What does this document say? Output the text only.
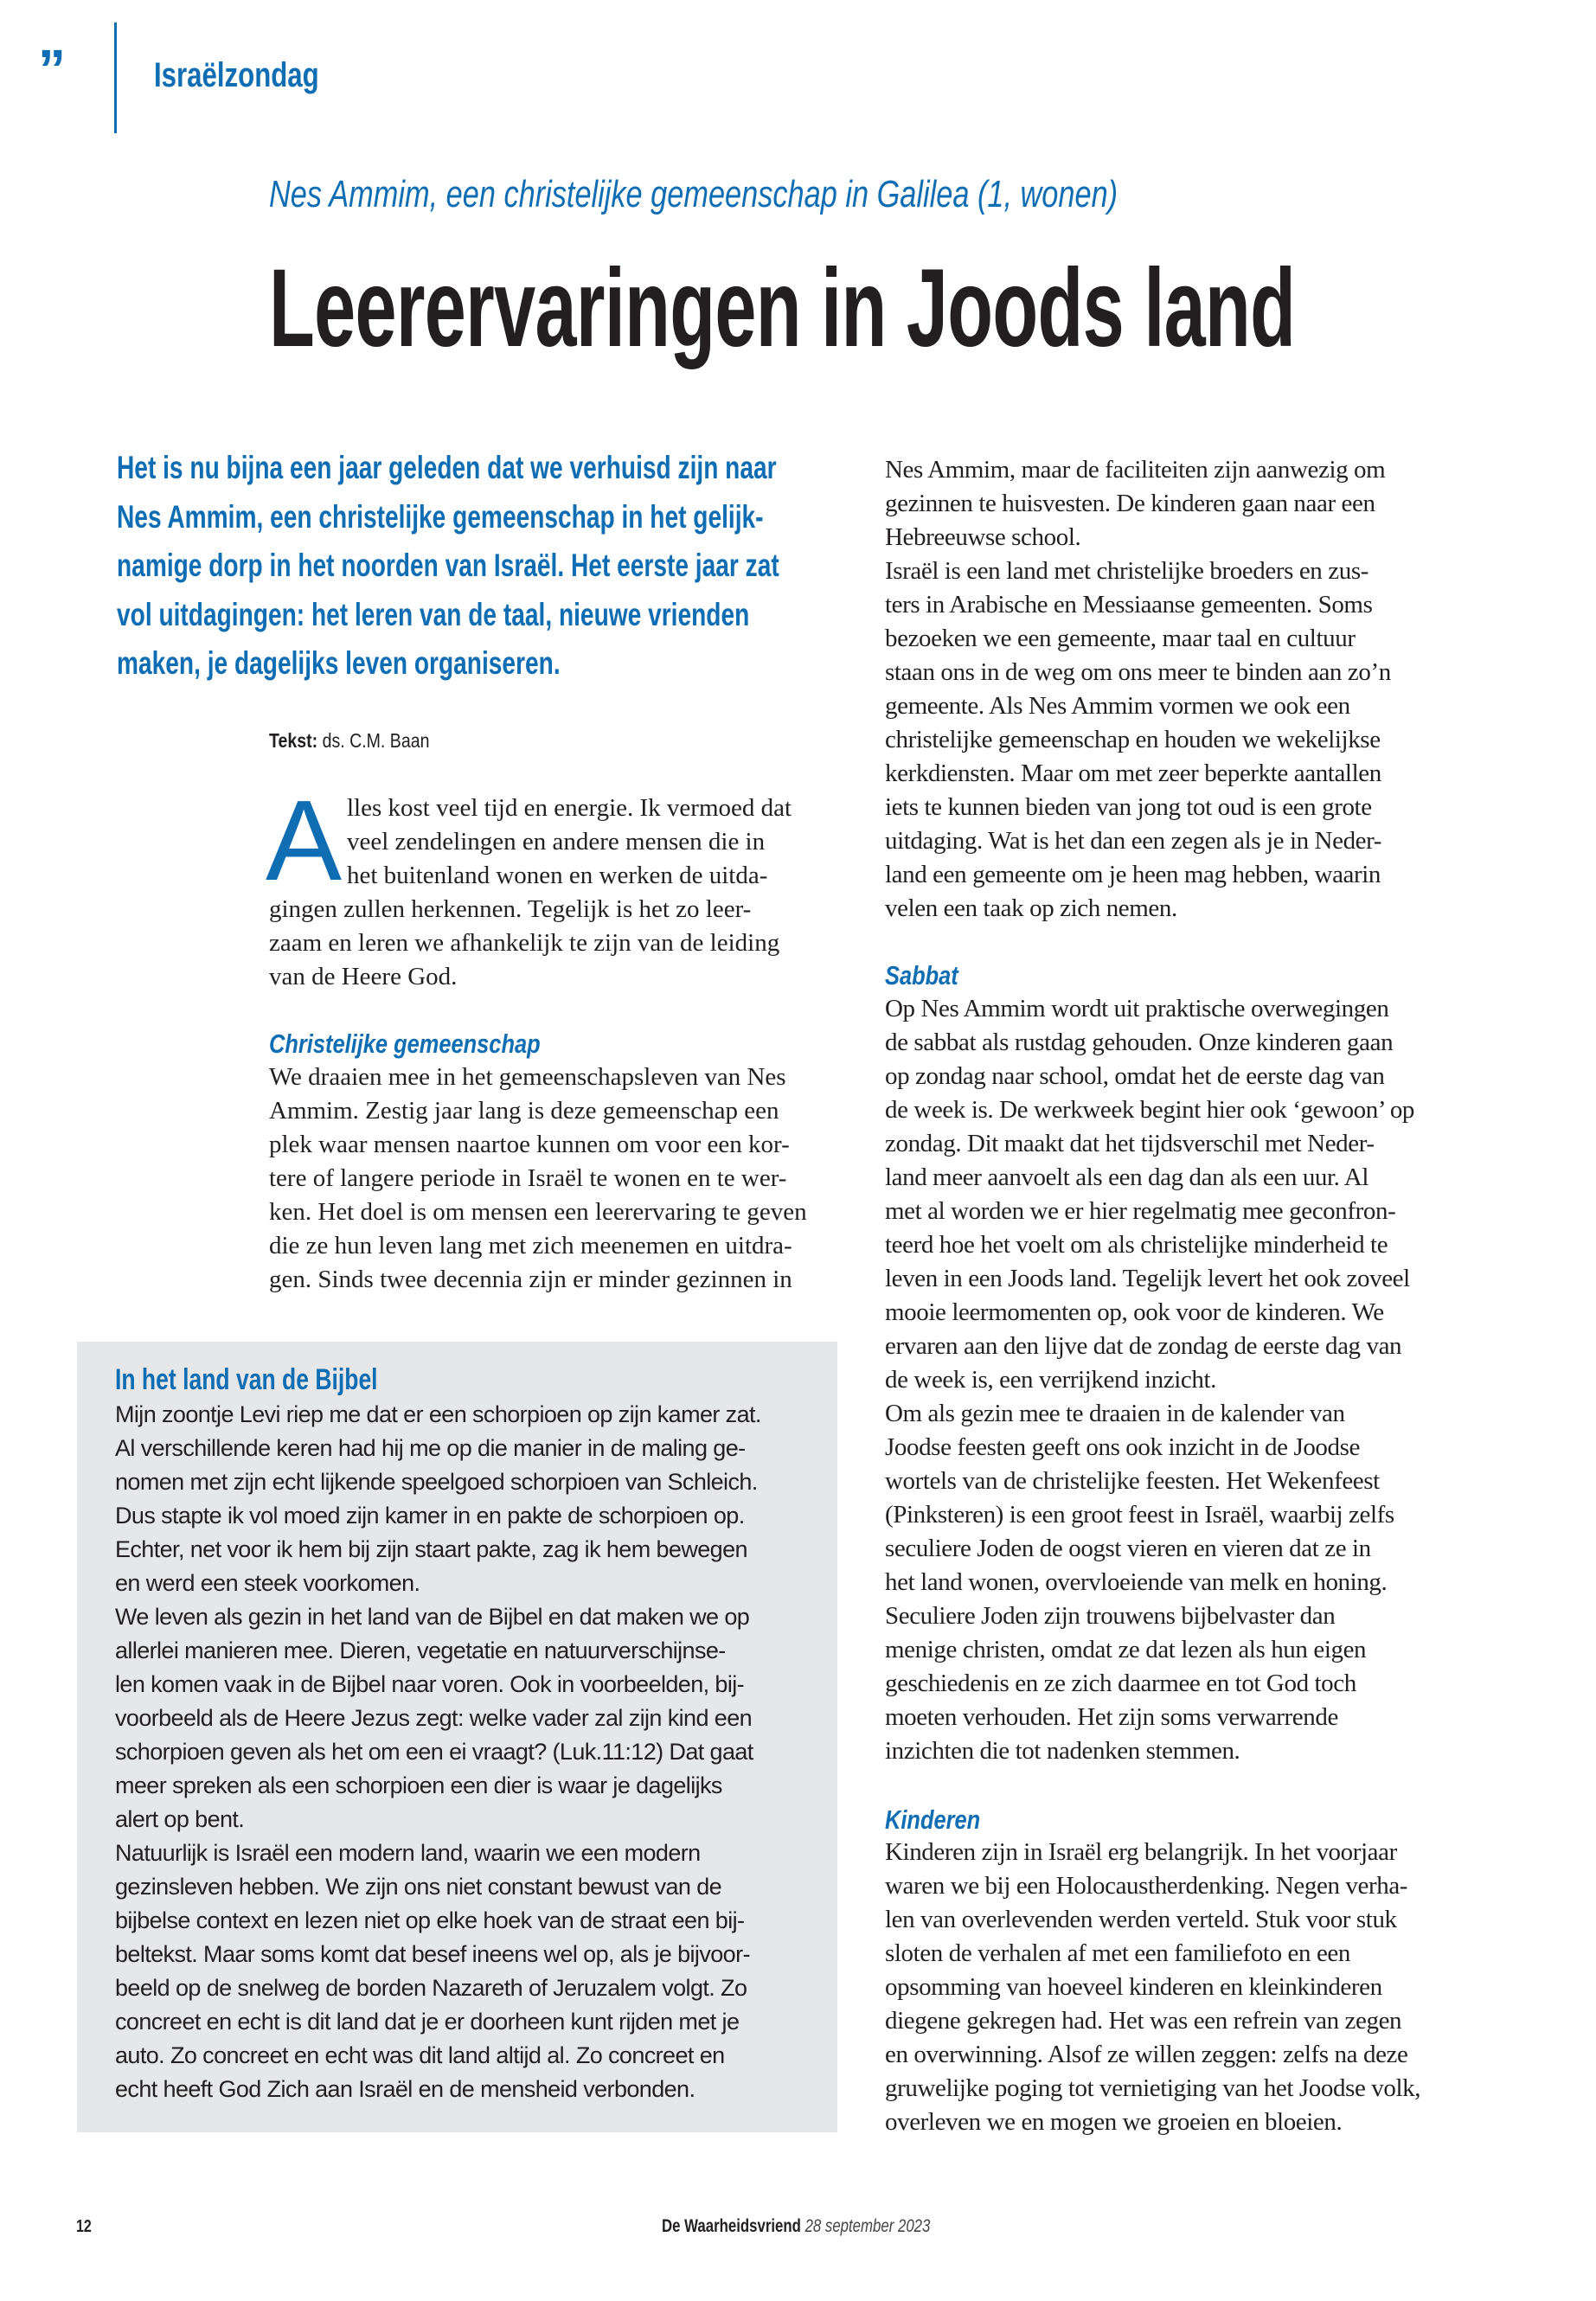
”	Israëlzondag
Nes Ammim, een christelijke gemeenschap in Galilea (1, wonen)
Leerervaringen in Joods land
Het is nu bijna een jaar geleden dat we verhuisd zijn naar
Nes Ammim, een christelijke gemeenschap in het gelijk-
namige dorp in het noorden van Israël. Het eerste jaar zat
vol uitdagingen: het leren van de taal, nieuwe vrienden
maken, je dagelijks leven organiseren.
Tekst: ds. C.M. Baan
A lles kost veel tijd en energie. Ik vermoed dat
veel zendelingen en andere mensen die in
het buitenland wonen en werken de uitda-
gingen zullen herkennen. Tegelijk is het zo leer-
zaam en leren we afhankelijk te zijn van de leiding
van de Heere God.
Christelijke gemeenschap
We draaien mee in het gemeenschapsleven van Nes
Ammim. Zestig jaar lang is deze gemeenschap een
plek waar mensen naartoe kunnen om voor een kor-
tere of langere periode in Israël te wonen en te wer-
ken. Het doel is om mensen een leerervaring te geven
die ze hun leven lang met zich meenemen en uitdra-
gen. Sinds twee decennia zijn er minder gezinnen in
In het land van de Bijbel
Mijn zoontje Levi riep me dat er een schorpioen op zijn kamer zat.
Al verschillende keren had hij me op die manier in de maling ge-
nomen met zijn echt lijkende speelgoed schorpioen van Schleich.
Dus stapte ik vol moed zijn kamer in en pakte de schorpioen op.
Echter, net voor ik hem bij zijn staart pakte, zag ik hem bewegen
en werd een steek voorkomen.
We leven als gezin in het land van de Bijbel en dat maken we op
allerlei manieren mee. Dieren, vegetatie en natuurverschijnse-
len komen vaak in de Bijbel naar voren. Ook in voorbeelden, bij-
voorbeeld als de Heere Jezus zegt: welke vader zal zijn kind een
schorpioen geven als het om een ei vraagt? (Luk.11:12) Dat gaat
meer spreken als een schorpioen een dier is waar je dagelijks
alert op bent.
Natuurlijk is Israël een modern land, waarin we een modern
gezinsleven hebben. We zijn ons niet constant bewust van de
bijbelse context en lezen niet op elke hoek van de straat een bij-
beltekst. Maar soms komt dat besef ineens wel op, als je bijvoor-
beeld op de snelweg de borden Nazareth of Jeruzalem volgt. Zo
concreet en echt is dit land dat je er doorheen kunt rijden met je
auto. Zo concreet en echt was dit land altijd al. Zo concreet en
echt heeft God Zich aan Israël en de mensheid verbonden.
Nes Ammim, maar de faciliteiten zijn aanwezig om
gezinnen te huisvesten. De kinderen gaan naar een
Hebreeuwse school.
Israël is een land met christelijke broeders en zus-
ters in Arabische en Messiaanse gemeenten. Soms
bezoeken we een gemeente, maar taal en cultuur
staan ons in de weg om ons meer te binden aan zo’n
gemeente. Als Nes Ammim vormen we ook een
christelijke gemeenschap en houden we wekelijkse
kerkdiensten. Maar om met zeer beperkte aantallen
iets te kunnen bieden van jong tot oud is een grote
uitdaging. Wat is het dan een zegen als je in Neder-
land een gemeente om je heen mag hebben, waarin
velen een taak op zich nemen.
Sabbat
Op Nes Ammim wordt uit praktische overwegingen
de sabbat als rustdag gehouden. Onze kinderen gaan
op zondag naar school, omdat het de eerste dag van
de week is. De werkweek begint hier ook ‘gewoon’ op
zondag. Dit maakt dat het tijdsverschil met Neder-
land meer aanvoelt als een dag dan als een uur. Al
met al worden we er hier regelmatig mee geconfron-
teerd hoe het voelt om als christelijke minderheid te
leven in een Joods land. Tegelijk levert het ook zoveel
mooie leermomenten op, ook voor de kinderen. We
ervaren aan den lijve dat de zondag de eerste dag van
de week is, een verrijkend inzicht.
Om als gezin mee te draaien in de kalender van
Joodse feesten geeft ons ook inzicht in de Joodse
wortels van de christelijke feesten. Het Wekenfeest
(Pinksteren) is een groot feest in Israël, waarbij zelfs
seculiere Joden de oogst vieren en vieren dat ze in
het land wonen, overvloeiende van melk en honing.
Seculiere Joden zijn trouwens bijbelvaster dan
menige christen, omdat ze dat lezen als hun eigen
geschiedenis en ze zich daarmee en tot God toch
moeten verhouden. Het zijn soms verwarrende
inzichten die tot nadenken stemmen.
Kinderen
Kinderen zijn in Israël erg belangrijk. In het voorjaar
waren we bij een Holocaustherdenking. Negen verha-
len van overlevenden werden verteld. Stuk voor stuk
sloten de verhalen af met een familiefoto en een
opsomming van hoeveel kinderen en kleinkinderen
diegene gekregen had. Het was een refrein van zegen
en overwinning. Alsof ze willen zeggen: zelfs na deze
gruwelijke poging tot vernietiging van het Joodse volk,
overleven we en mogen we groeien en bloeien.
12	De Waarheidsvriend 28 september 2023
